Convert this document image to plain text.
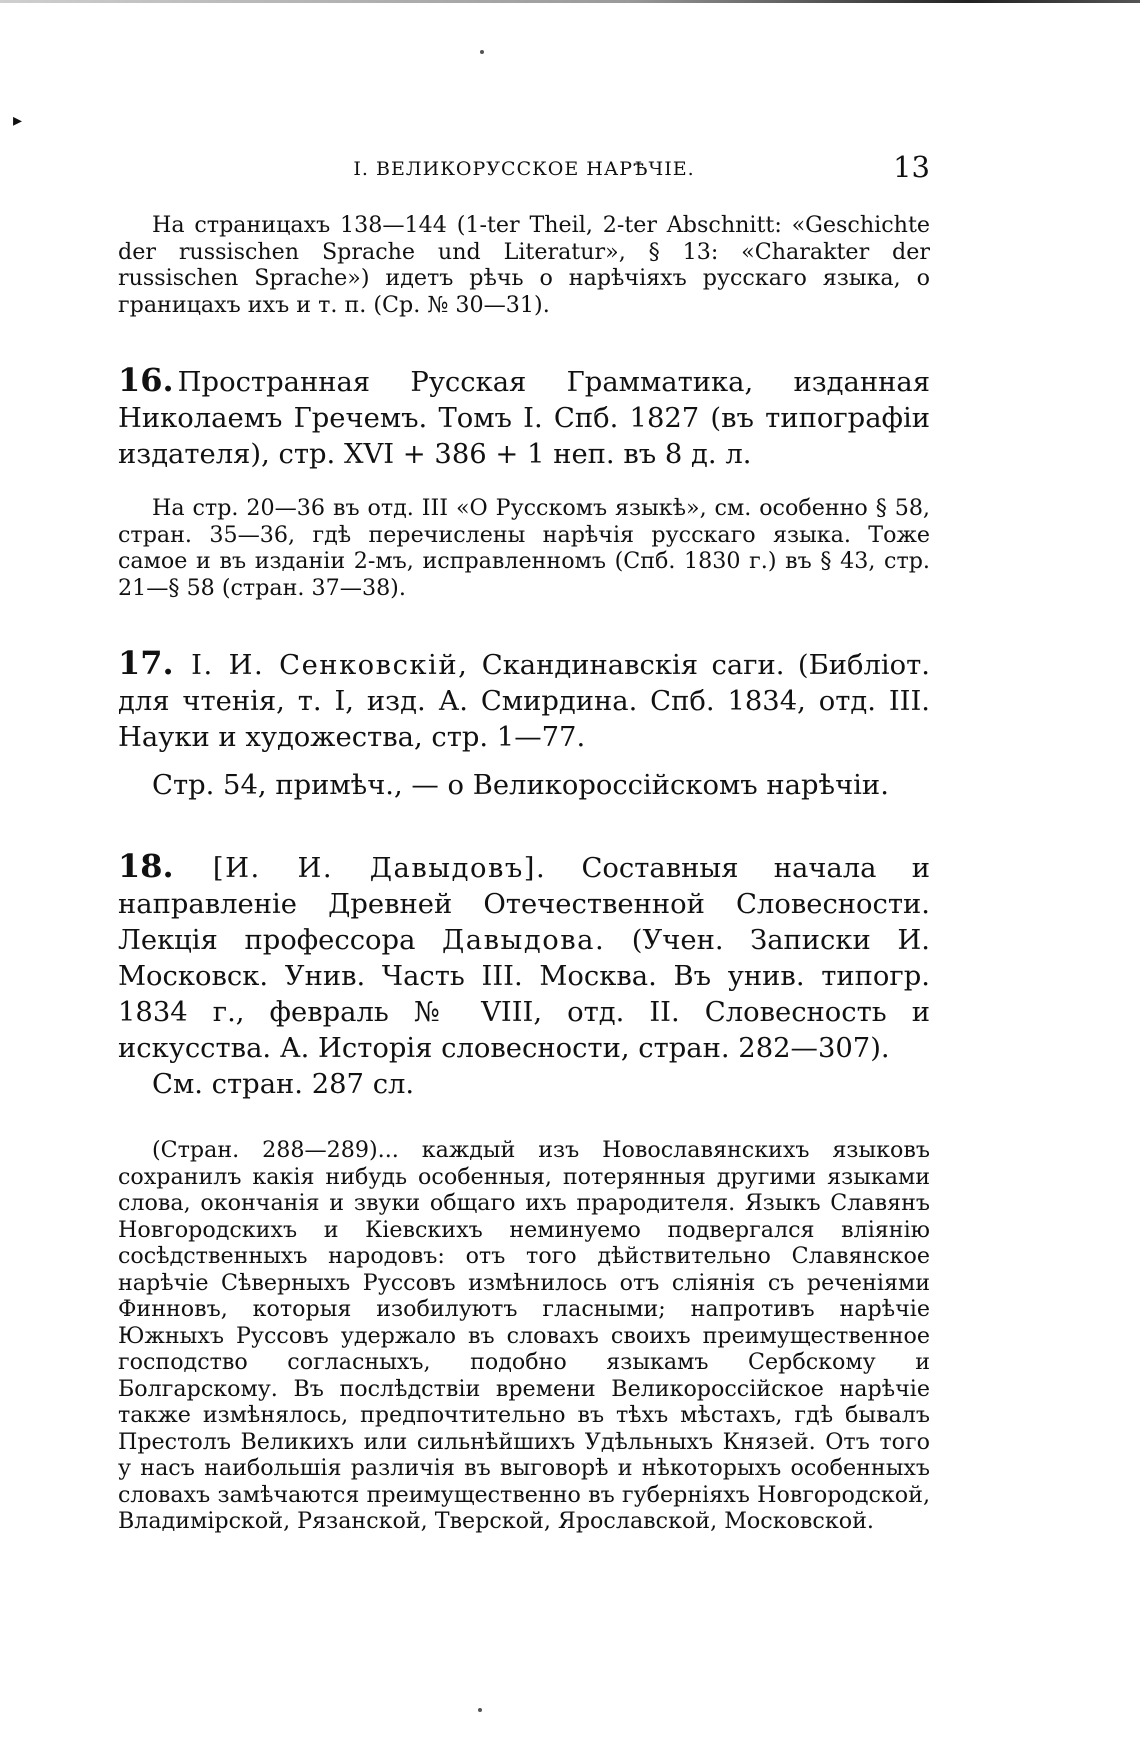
▸
I. ВЕЛИКОРУССКОЕ НАРѢЧІЕ.	13

На страницахъ 138—144 (1-ter Theil, 2-ter Abschnitt: «Geschichte der russischen Sprache und Literatur», § 13: «Charakter der russischen Sprache») идетъ рѣчь о нарѣчіяхъ русскаго языка, о границахъ ихъ и т. п. (Ср. № 30—31).

16. Пространная Русская Грамматика, изданная Николаемъ Гречемъ. Томъ I. Спб. 1827 (въ типографіи издателя), стр. XVI + 386 + 1 неп. въ 8 д. л.

На стр. 20—36 въ отд. III «О Русскомъ языкѣ», см. особенно § 58, стран. 35—36, гдѣ перечислены нарѣчія русскаго языка. Тоже самое и въ изданіи 2-мъ, исправленномъ (Спб. 1830 г.) въ § 43, стр. 21—§ 58 (стран. 37—38).

17. I. И. Сенковскій, Скандинавскія саги. (Библіот. для чтенія, т. I, изд. А. Смирдина. Спб. 1834, отд. III. Науки и художества, стр. 1—77.

Стр. 54, примѣч., — о Великороссійскомъ нарѣчіи.

18. [И. И. Давыдовъ]. Составныя начала и направленіе Древней Отечественной Словесности. Лекція профессора Давыдова. (Учен. Записки И. Московск. Унив. Часть III. Москва. Въ унив. типогр. 1834 г., февраль № VIII, отд. II. Словесность и искусства. А. Исторія словесности, стран. 282—307).

См. стран. 287 сл.

(Стран. 288—289)... каждый изъ Новославянскихъ языковъ сохранилъ какія нибудь особенныя, потерянныя другими языками слова, окончанія и звуки общаго ихъ прародителя. Языкъ Славянъ Новгородскихъ и Кіевскихъ неминуемо подвергался вліянію сосѣдственныхъ народовъ: отъ того дѣйствительно Славянское нарѣчіе Сѣверныхъ Руссовъ измѣнилось отъ слiянiя съ реченіями Финновъ, которыя изобилуютъ гласными; напротивъ нарѣчіе Южныхъ Руссовъ удержало въ словахъ своихъ преимущественное господство согласныхъ, подобно языкамъ Сербскому и Болгарскому. Въ послѣдствіи времени Великороссійское нарѣчіе также измѣнялось, предпочтительно въ тѣхъ мѣстахъ, гдѣ бывалъ Престолъ Великихъ или сильнѣйшихъ Удѣльныхъ Князей. Отъ того у насъ наибольшія различія въ выговорѣ и нѣкоторыхъ особенныхъ словахъ замѣчаются преимущественно въ губерніяхъ Новгородской, Владимірской, Рязанской, Тверской, Ярославской, Московской.
